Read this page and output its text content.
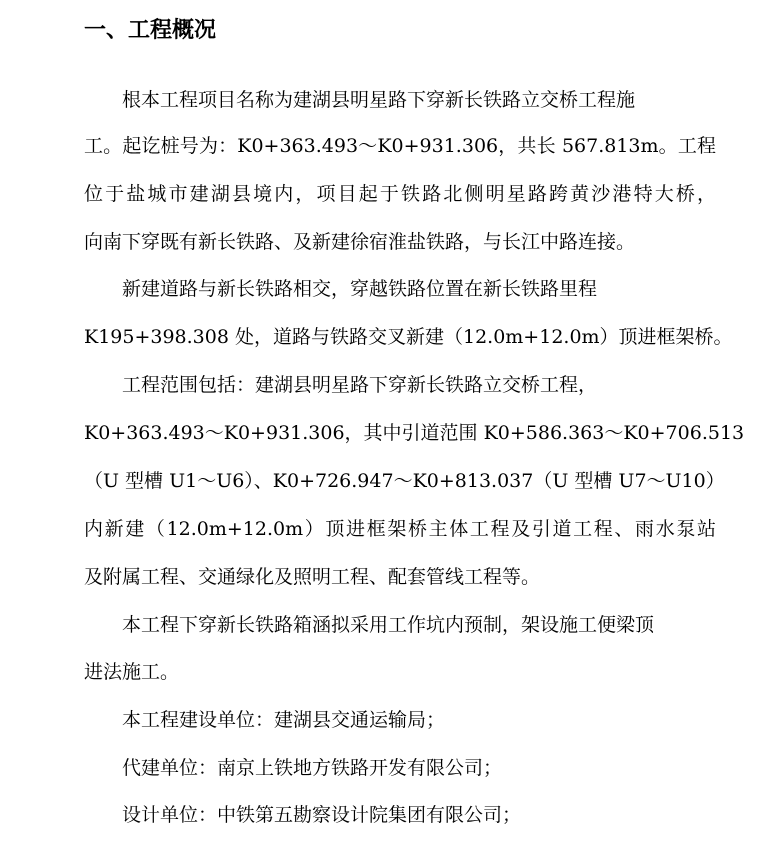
一、工程概况
根本工程项目名称为建湖县明星路下穿新长铁路立交桥工程施
工。起讫桩号为：K0+363.493～K0+931.306，共长 567.813m。工程
位于盐城市建湖县境内，项目起于铁路北侧明星路跨黄沙港特大桥，
向南下穿既有新长铁路、及新建徐宿淮盐铁路，与长江中路连接。
新建道路与新长铁路相交，穿越铁路位置在新长铁路里程
K195+398.308 处，道路与铁路交叉新建（12.0m+12.0m）顶进框架桥。
工程范围包括：建湖县明星路下穿新长铁路立交桥工程，
K0+363.493～K0+931.306，其中引道范围 K0+586.363～K0+706.513
（U 型槽 U1～U6）、K0+726.947～K0+813.037（U 型槽 U7～U10）
内新建（12.0m+12.0m）顶进框架桥主体工程及引道工程、雨水泵站
及附属工程、交通绿化及照明工程、配套管线工程等。
本工程下穿新长铁路箱涵拟采用工作坑内预制，架设施工便梁顶
进法施工。
本工程建设单位：建湖县交通运输局；
代建单位：南京上铁地方铁路开发有限公司；
设计单位：中铁第五勘察设计院集团有限公司；
